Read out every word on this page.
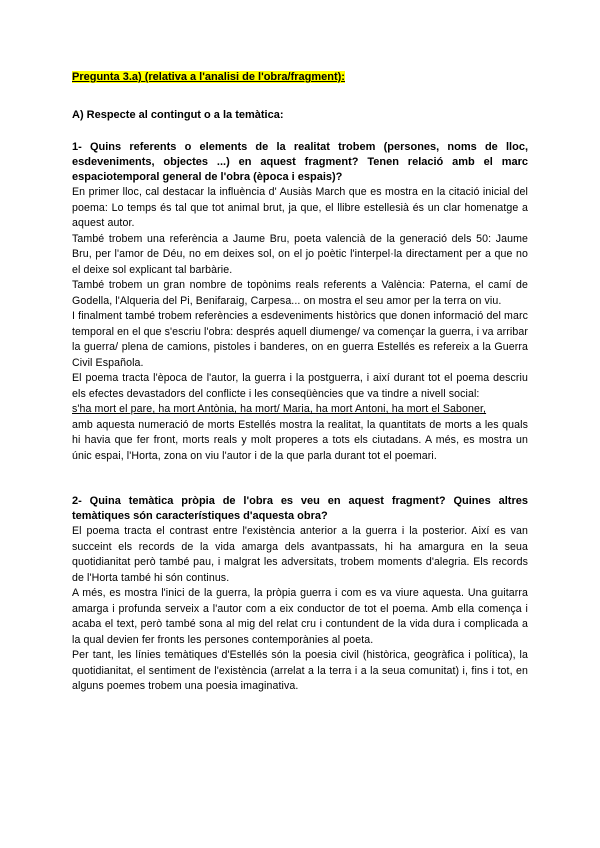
Pregunta 3.a) (relativa a l'analisi de l'obra/fragment):

A) Respecte al contingut o a la temàtica:

1- Quins referents o elements de la realitat trobem (persones, noms de lloc, esdeveniments, objectes ...) en aquest fragment? Tenen relació amb el marc espaciotemporal general de l'obra (època i espais)?

En primer lloc, cal destacar la influència d' Ausiàs March que es mostra en la citació inicial del poema: Lo temps és tal que tot animal brut, ja que, el llibre estellesià és un clar homenatge a aquest autor.

També trobem una referència a Jaume Bru, poeta valencià de la generació dels 50: Jaume Bru, per l'amor de Déu, no em deixes sol, on el jo poètic l'interpel·la directament per a que no el deixe sol explicant tal barbàrie.

També trobem un gran nombre de topònims reals referents a València: Paterna, el camí de Godella, l'Alqueria del Pi, Benifaraig, Carpesa... on mostra el seu amor per la terra on viu.

I finalment també trobem referències a esdeveniments històrics que donen informació del marc temporal en el que s'escriu l'obra: després aquell diumenge/ va començar la guerra, i va arribar la guerra/ plena de camions, pistoles i banderes, on en guerra Estellés es refereix a la Guerra Civil Española.

El poema tracta l'època de l'autor, la guerra i la postguerra, i així durant tot el poema descriu els efectes devastadors del conflicte i les conseqüències que va tindre a nivell social:
s'ha mort el pare, ha mort Antònia, ha mort/ Maria, ha mort Antoni, ha mort el Saboner,
amb aquesta numeració de morts Estellés mostra la realitat, la quantitats de morts a les quals hi havia que fer front, morts reals y molt properes a tots els ciutadans. A més, es mostra un únic espai, l'Horta, zona on viu l'autor i de la que parla durant tot el poemari.

2- Quina temàtica pròpia de l'obra es veu en aquest fragment? Quines altres temàtiques són característiques d'aquesta obra?

El poema tracta el contrast entre l'existència anterior a la guerra i la posterior. Així es van succeint els records de la vida amarga dels avantpassats, hi ha amargura en la seua quotidianitat però també pau, i malgrat les adversitats, trobem moments d'alegria. Els records de l'Horta també hi són continus.

A més, es mostra l'inici de la guerra, la pròpia guerra i com es va viure aquesta. Una guitarra amarga i profunda serveix a l'autor com a eix conductor de tot el poema. Amb ella comença i acaba el text, però també sona al mig del relat cru i contundent de la vida dura i complicada a la qual devien fer fronts les persones contemporànies al poeta.

Per tant, les línies temàtiques d'Estellés són la poesia civil (històrica, geogràfica i política), la quotidianitat, el sentiment de l'existència (arrelat a la terra i a la seua comunitat) i, fins i tot, en alguns poemes trobem una poesia imaginativa.
